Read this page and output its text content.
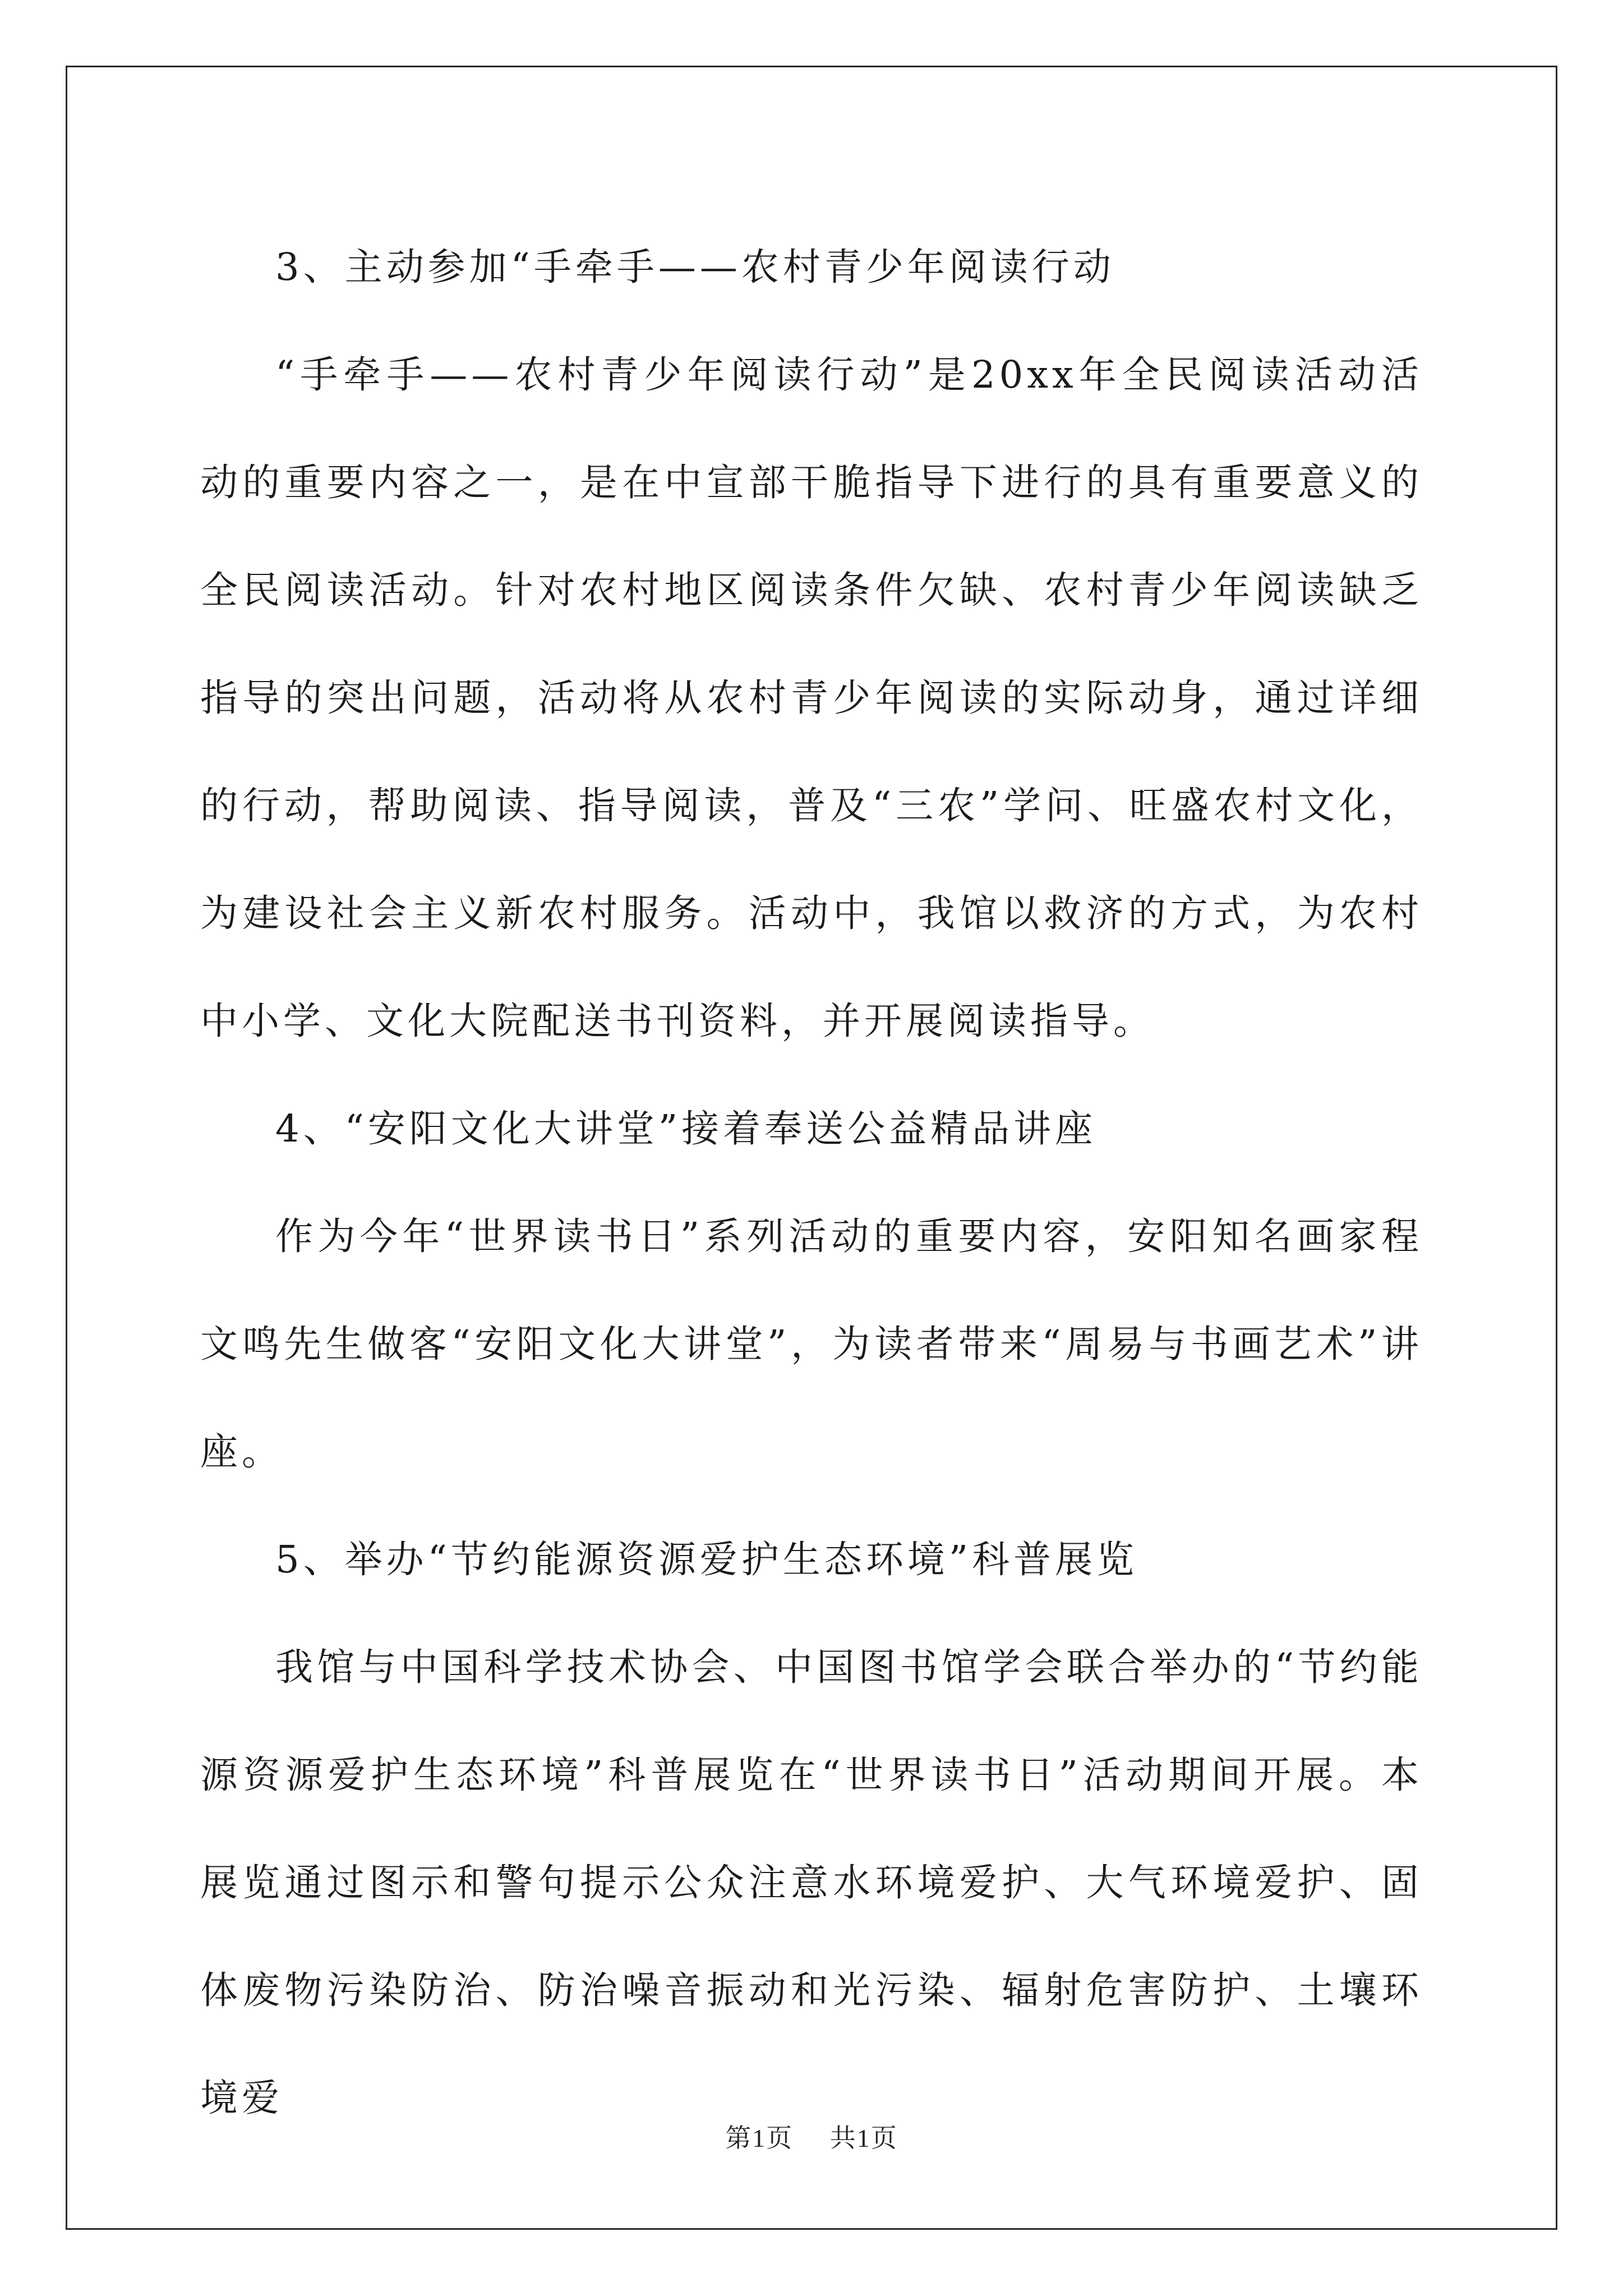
3、主动参加“手牵手——农村青少年阅读行动

“手牵手——农村青少年阅读行动”是20xx年全民阅读活动活动的重要内容之一，是在中宣部干脆指导下进行的具有重要意义的全民阅读活动。针对农村地区阅读条件欠缺、农村青少年阅读缺乏指导的突出问题，活动将从农村青少年阅读的实际动身，通过详细的行动，帮助阅读、指导阅读，普及“三农”学问、旺盛农村文化，为建设社会主义新农村服务。活动中，我馆以救济的方式，为农村中小学、文化大院配送书刊资料，并开展阅读指导。

4、“安阳文化大讲堂”接着奉送公益精品讲座

作为今年“世界读书日”系列活动的重要内容，安阳知名画家程文鸣先生做客“安阳文化大讲堂”，为读者带来“周易与书画艺术”讲座。

5、举办“节约能源资源爱护生态环境”科普展览

我馆与中国科学技术协会、中国图书馆学会联合举办的“节约能源资源爱护生态环境”科普展览在“世界读书日”活动期间开展。本展览通过图示和警句提示公众注意水环境爱护、大气环境爱护、固体废物污染防治、防治噪音振动和光污染、辐射危害防护、土壤环境爱

第1页 共1页
